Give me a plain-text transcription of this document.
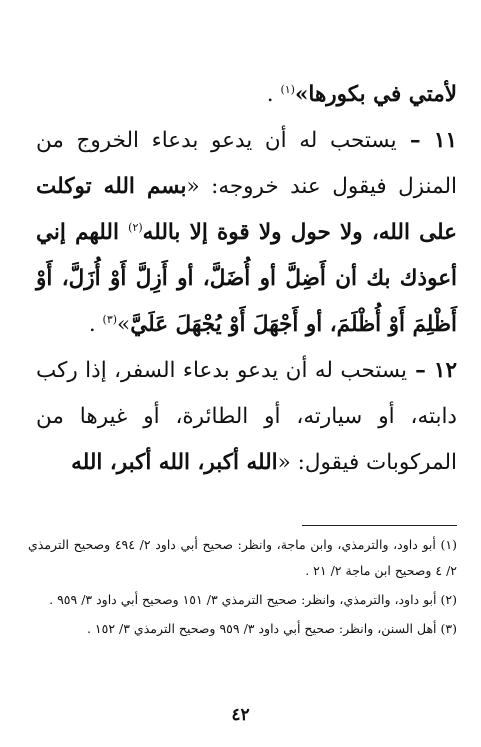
لأمتي في بكورها»$^{(١)}$ .

١١ – يستحب له أن يدعو بدعاء الخروج من المنزل فيقول عند خروجه: «بسم الله توكلت على الله، ولا حول ولا قوة إلا بالله$^{(٢)}$ اللهم إني أعوذك بك أن أَضِلَّ أو أُضَلَّ، أو أَزِلَّ أَوْ أُزَلَّ، أَوْ أَظْلِمَ أَوْ أُظْلَمَ، أو أَجْهَلَ أَوْ يُجْهَلَ عَلَيَّ»$^{(٣)}$ .

١٢ – يستحب له أن يدعو بدعاء السفر، إذا ركب دابته، أو سيارته، أو الطائرة، أو غيرها من المركوبات فيقول: «الله أكبر، الله أكبر، الله

(١) أبو داود، والترمذي، وابن ماجة، وانظر: صحيح أبي داود ٢/ ٤٩٤ وصحيح الترمذي ٢/ ٤ وصحيح ابن ماجة ٢/ ٢١ .

(٢) أبو داود، والترمذي، وانظر: صحيح الترمذي ٣/ ١٥١ وصحيح أبي داود ٣/ ٩٥٩ .

(٣) أهل السنن، وانظر: صحيح أبي داود ٣/ ٩٥٩ وصحيح الترمذي ٣/ ١٥٢ .

٤٢
